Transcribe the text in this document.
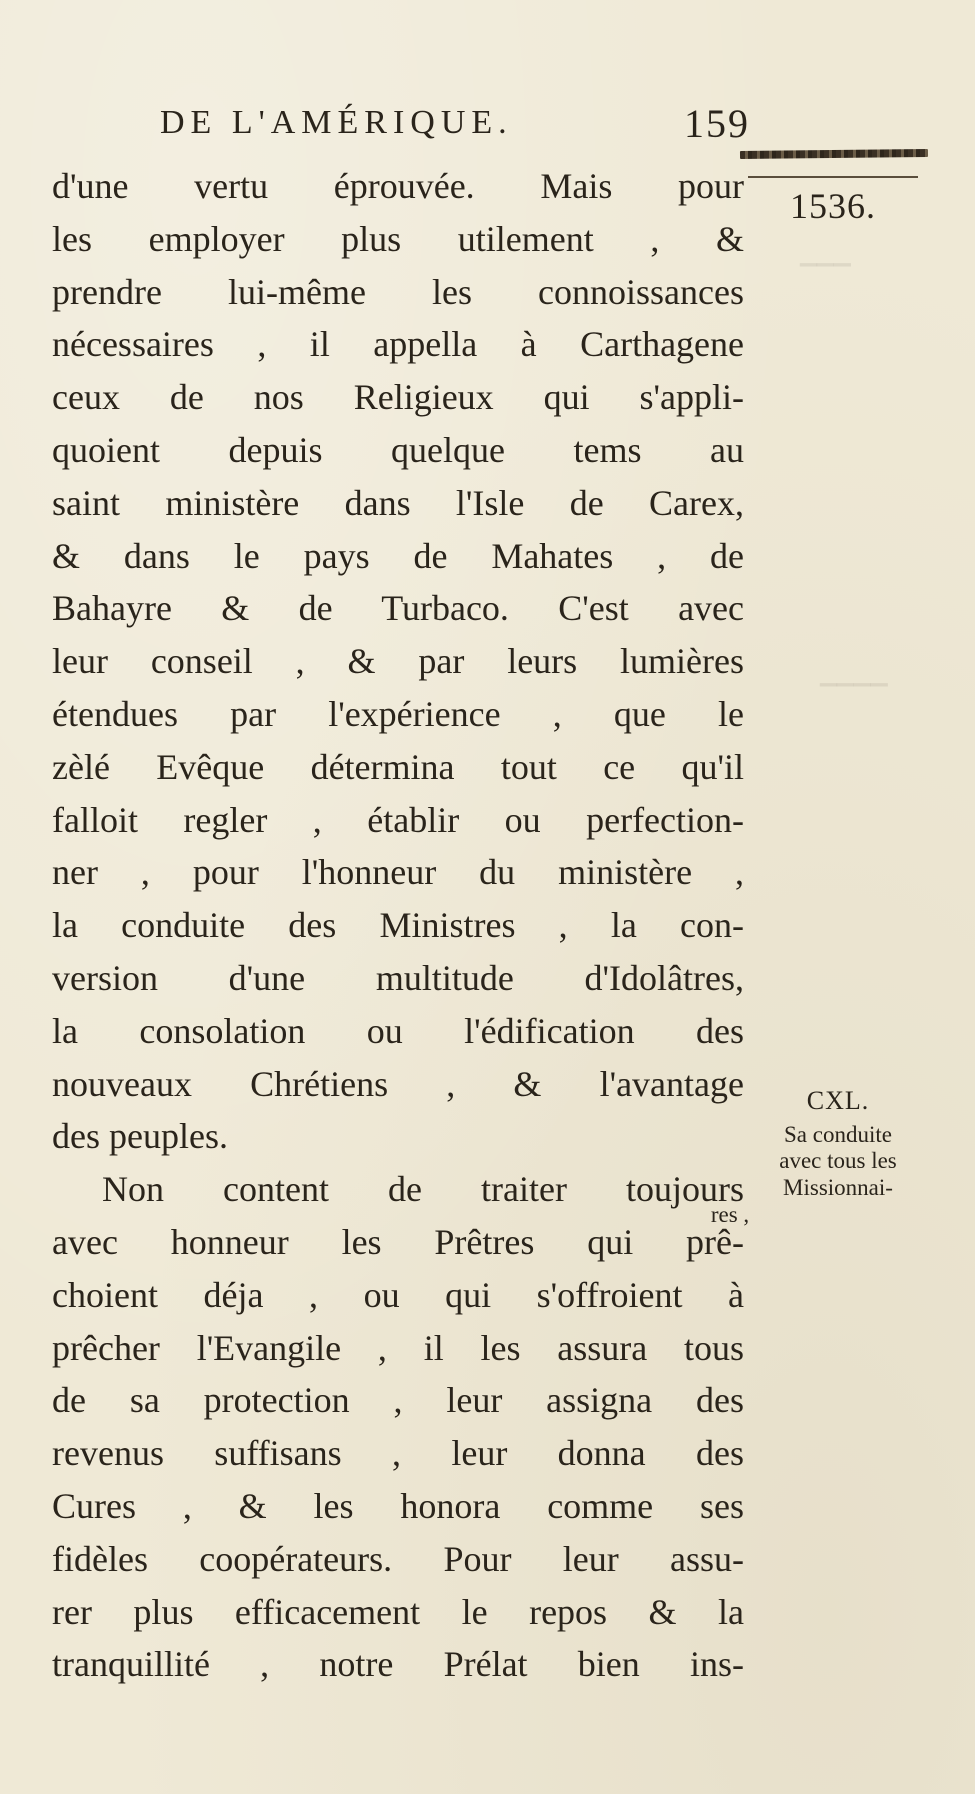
▁▁▁
▁▁▁▁
DE L'AMÉRIQUE.	159
1536.
d'une vertu éprouvée. Mais pour
les employer plus utilement , &
prendre lui-même les connoissances
nécessaires , il appella à Carthagene
ceux de nos Religieux qui s'appli-
quoient depuis quelque tems au
saint ministère dans l'Isle de Carex,
& dans le pays de Mahates , de
Bahayre & de Turbaco. C'est avec
leur conseil , & par leurs lumières
étendues par l'expérience , que le
zèlé Evêque détermina tout ce qu'il
falloit regler , établir ou perfection-
ner , pour l'honneur du ministère ,
la conduite des Ministres , la con-
version d'une multitude d'Idolâtres,
la consolation ou l'édification des
nouveaux Chrétiens , & l'avantage
des peuples.
Non content de traiter toujours
avec honneur les Prêtres qui prê-
choient déja , ou qui s'offroient à
prêcher l'Evangile , il les assura tous
de sa protection , leur assigna des
revenus suffisans , leur donna des
Cures , & les honora comme ses
fidèles coopérateurs. Pour leur assu-
rer plus efficacement le repos & la
tranquillité , notre Prélat bien ins-
CXL.
Sa conduite
avec tous les
Missionnai-
res ,
